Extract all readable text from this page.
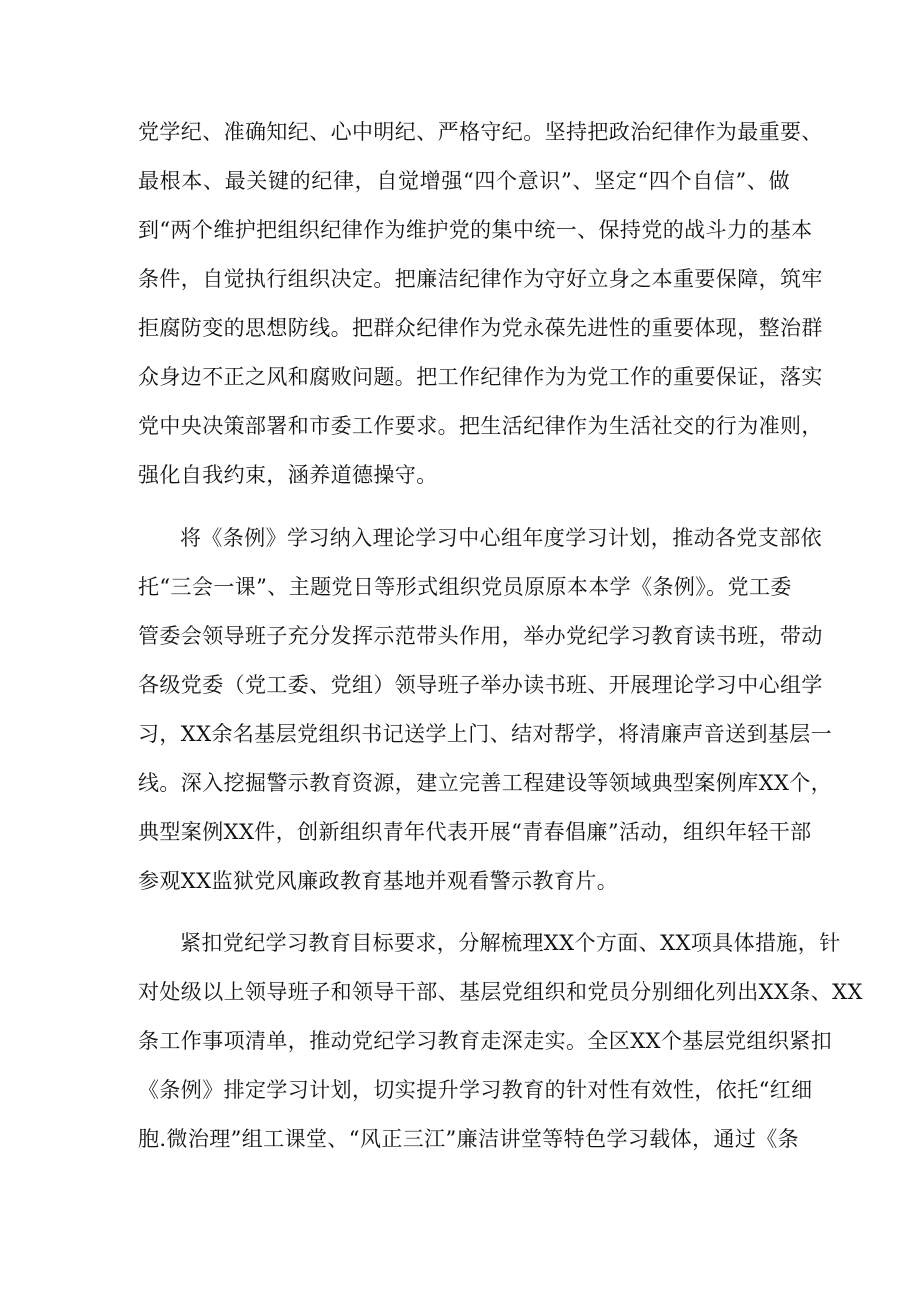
党学纪、准确知纪、心中明纪、严格守纪。坚持把政治纪律作为最重要、
最根本、最关键的纪律，自觉增强“四个意识”、坚定“四个自信”、做
到“两个维护把组织纪律作为维护党的集中统一、保持党的战斗力的基本
条件，自觉执行组织决定。把廉洁纪律作为守好立身之本重要保障，筑牢
拒腐防变的思想防线。把群众纪律作为党永葆先进性的重要体现，整治群
众身边不正之风和腐败问题。把工作纪律作为为党工作的重要保证，落实
党中央决策部署和市委工作要求。把生活纪律作为生活社交的行为准则，
强化自我约束，涵养道德操守。
将《条例》学习纳入理论学习中心组年度学习计划，推动各党支部依
托“三会一课”、主题党日等形式组织党员原原本本学《条例》。党工委
管委会领导班子充分发挥示范带头作用，举办党纪学习教育读书班，带动
各级党委（党工委、党组）领导班子举办读书班、开展理论学习中心组学
习，XX余名基层党组织书记送学上门、结对帮学，将清廉声音送到基层一
线。深入挖掘警示教育资源，建立完善工程建设等领域典型案例库XX个，
典型案例XX件，创新组织青年代表开展“青春倡廉”活动，组织年轻干部
参观XX监狱党风廉政教育基地并观看警示教育片。
紧扣党纪学习教育目标要求，分解梳理XX个方面、XX项具体措施，针
对处级以上领导班子和领导干部、基层党组织和党员分别细化列出XX条、XX
条工作事项清单，推动党纪学习教育走深走实。全区XX个基层党组织紧扣
《条例》排定学习计划，切实提升学习教育的针对性有效性，依托“红细
胞.微治理”组工课堂、“风正三江”廉洁讲堂等特色学习载体，通过《条
